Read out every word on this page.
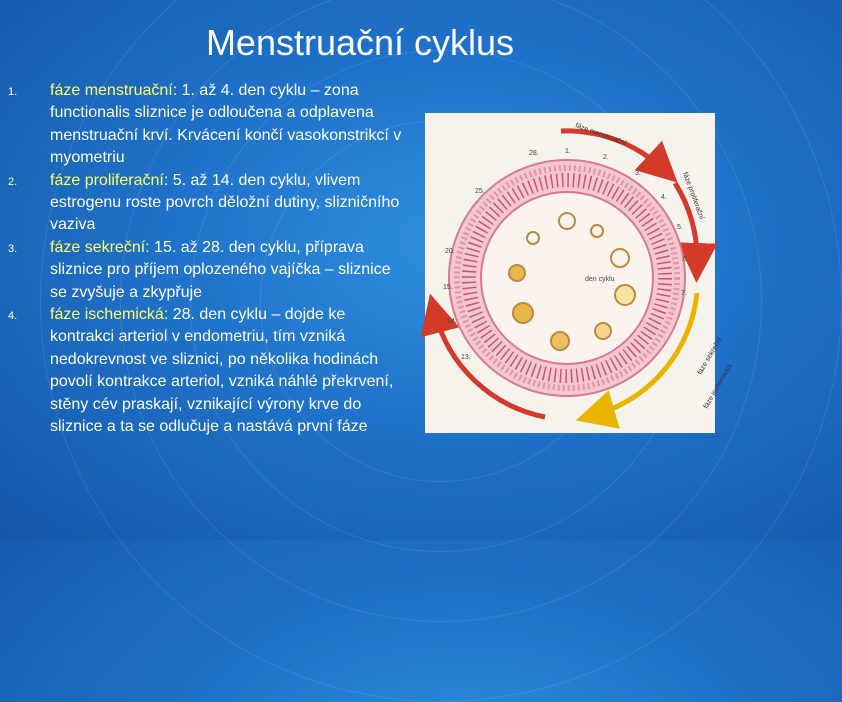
Menstruační cyklus
1. fáze menstruační: 1. až 4. den cyklu – zona functionalis sliznice je odloučena a odplavena menstruační krví. Krvácení končí vasokonstrikcí v myometriu
2. fáze proliferační: 5. až 14. den cyklu, vlivem estrogenu roste povrch děložní dutiny, slizničního vaziva
3. fáze sekreční: 15. až 28. den cyklu, příprava sliznice pro příjem oplozeného vajíčka – sliznice se zvyšuje a zkypřuje
4. fáze ischemická: 28. den cyklu – dojde ke kontrakci arteriol v endometriu, tím vzniká nedokrevnost ve sliznici, po několika hodinách povolí kontrakce arteriol, vzniká náhlé překrvení, stěny cév praskají, vznikající výrony krve do sliznice a ta se odlučuje a nastává první fáze
den cyklu
fáze menstruační
fáze proliferační
fáze sekreční
fáze ischemická
1.
2.
3.
4.
5.
6.
7.
13.
14.
15.
20.
25.
28.
